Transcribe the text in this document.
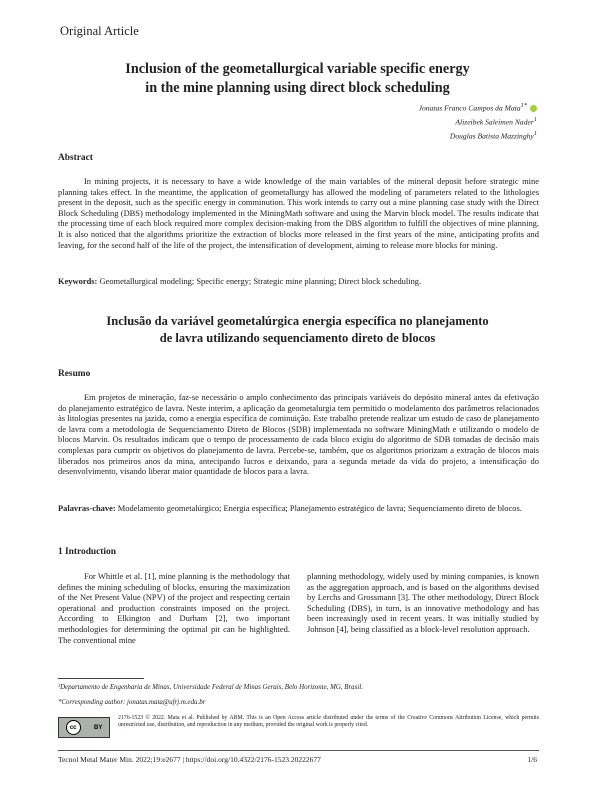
Original Article
Inclusion of the geometallurgical variable specific energy
in the mine planning using direct block scheduling
Jonatas Franco Campos da Mata$^{1*}$
Alizeibek Saleimen Nader$^1$
Douglas Batista Mazzinghy$^1$
Abstract

In mining projects, it is necessary to have a wide knowledge of the main variables of the mineral deposit before strategic mine planning takes effect. In the meantime, the application of geometallurgy has allowed the modeling of parameters related to the lithologies present in the deposit, such as the specific energy in comminution. This work intends to carry out a mine planning case study with the Direct Block Scheduling (DBS) methodology implemented in the MiningMath software and using the Marvin block model. The results indicate that the processing time of each block required more complex decision-making from the DBS algorithm to fulfill the objectives of mine planning. It is also noticed that the algorithms prioritize the extraction of blocks more released in the first years of the mine, anticipating profits and leaving, for the second half of the life of the project, the intensification of development, aiming to release more blocks for mining.

Keywords: Geometallurgical modeling; Specific energy; Strategic mine planning; Direct block scheduling.
Inclusão da variável geometalúrgica energia específica no planejamento
de lavra utilizando sequenciamento direto de blocos
Resumo

Em projetos de mineração, faz-se necessário o amplo conhecimento das principais variáveis do depósito mineral antes da efetivação do planejamento estratégico de lavra. Neste interim, a aplicação da geometalurgia tem permitido o modelamento dos parâmetros relacionados às litologias presentes na jazida, como a energia específica de cominuição. Este trabalho pretende realizar um estudo de caso de planejamento de lavra com a metodologia de Sequenciamento Direto de Blocos (SDB) implementada no software MiningMath e utilizando o modelo de blocos Marvin. Os resultados indicam que o tempo de processamento de cada bloco exigiu do algoritmo de SDB tomadas de decisão mais complexas para cumprir os objetivos do planejamento de lavra. Percebe-se, também, que os algoritmos priorizam a extração de blocos mais liberados nos primeiros anos da mina, antecipando lucros e deixando, para a segunda metade da vida do projeto, a intensificação do desenvolvimento, visando liberar maior quantidade de blocos para a lavra.

Palavras-chave: Modelamento geometalúrgico; Energia específica; Planejamento estratégico de lavra; Sequenciamento direto de blocos.
1 Introduction

For Whittle et al. [1], mine planning is the methodology that defines the mining scheduling of blocks, ensuring the maximization of the Net Present Value (NPV) of the project and respecting certain operational and production constraints imposed on the project. According to Elkington and Durham [2], two important methodologies for determining the optimal pit can be highlighted. The conventional mine

planning methodology, widely used by mining companies, is known as the aggregation approach, and is based on the algorithms devised by Lerchs and Grossmann [3]. The other methodology, Direct Block Scheduling (DBS), in turn, is an innovative methodology and has been increasingly used in recent years. It was initially studied by Johnson [4], being classified as a block-level resolution approach.

¹Departamento de Engenharia de Minas, Universidade Federal de Minas Gerais, Belo Horizonte, MG, Brasil.
*Corresponding author: jonatas.mata@ufrj.m.edu.br
cc	BY
2176-1523 © 2022. Mata et al. Published by ABM. This is an Open Access article distributed under the terms of the Creative Commons Attribution License, which permits unrestricted use, distribution, and reproduction in any medium, provided the original work is properly cited.
Tecnol Metal Mater Min. 2022;19:e2677 | https://doi.org/10.4322/2176-1523.20222677	1/6
